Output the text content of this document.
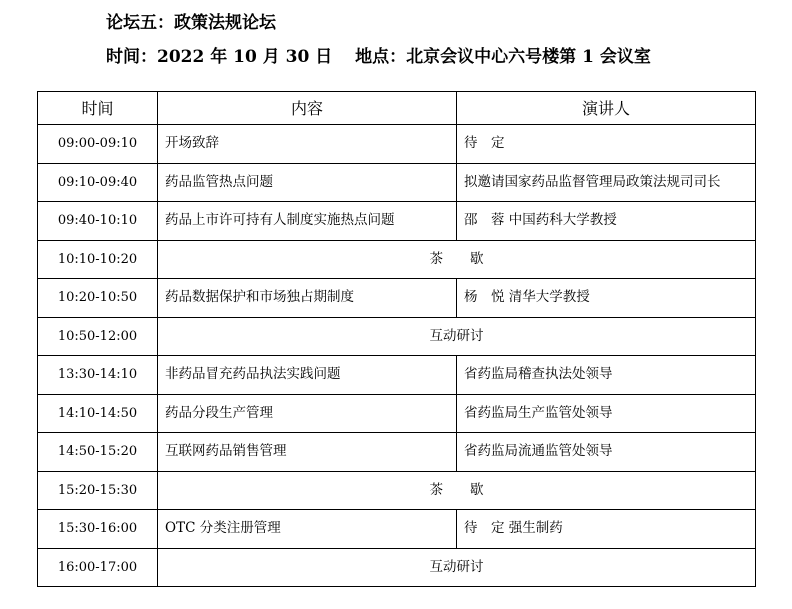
论坛五：政策法规论坛
时间：2022 年 10 月 30 日　 地点：北京会议中心六号楼第 1 会议室
时间	内容	演讲人
09:00-09:10	开场致辞	待　定
09:10-09:40	药品监管热点问题	拟邀请国家药品监督管理局政策法规司司长
09:40-10:10	药品上市许可持有人制度实施热点问题	邵　蓉 中国药科大学教授
10:10-10:20	茶　　歇	
10:20-10:50	药品数据保护和市场独占期制度	杨　悦 清华大学教授
10:50-12:00	互动研讨	
13:30-14:10	非药品冒充药品执法实践问题	省药监局稽查执法处领导
14:10-14:50	药品分段生产管理	省药监局生产监管处领导
14:50-15:20	互联网药品销售管理	省药监局流通监管处领导
15:20-15:30	茶　　歇	
15:30-16:00	OTC 分类注册管理	待　定 强生制药
16:00-17:00	互动研讨	
